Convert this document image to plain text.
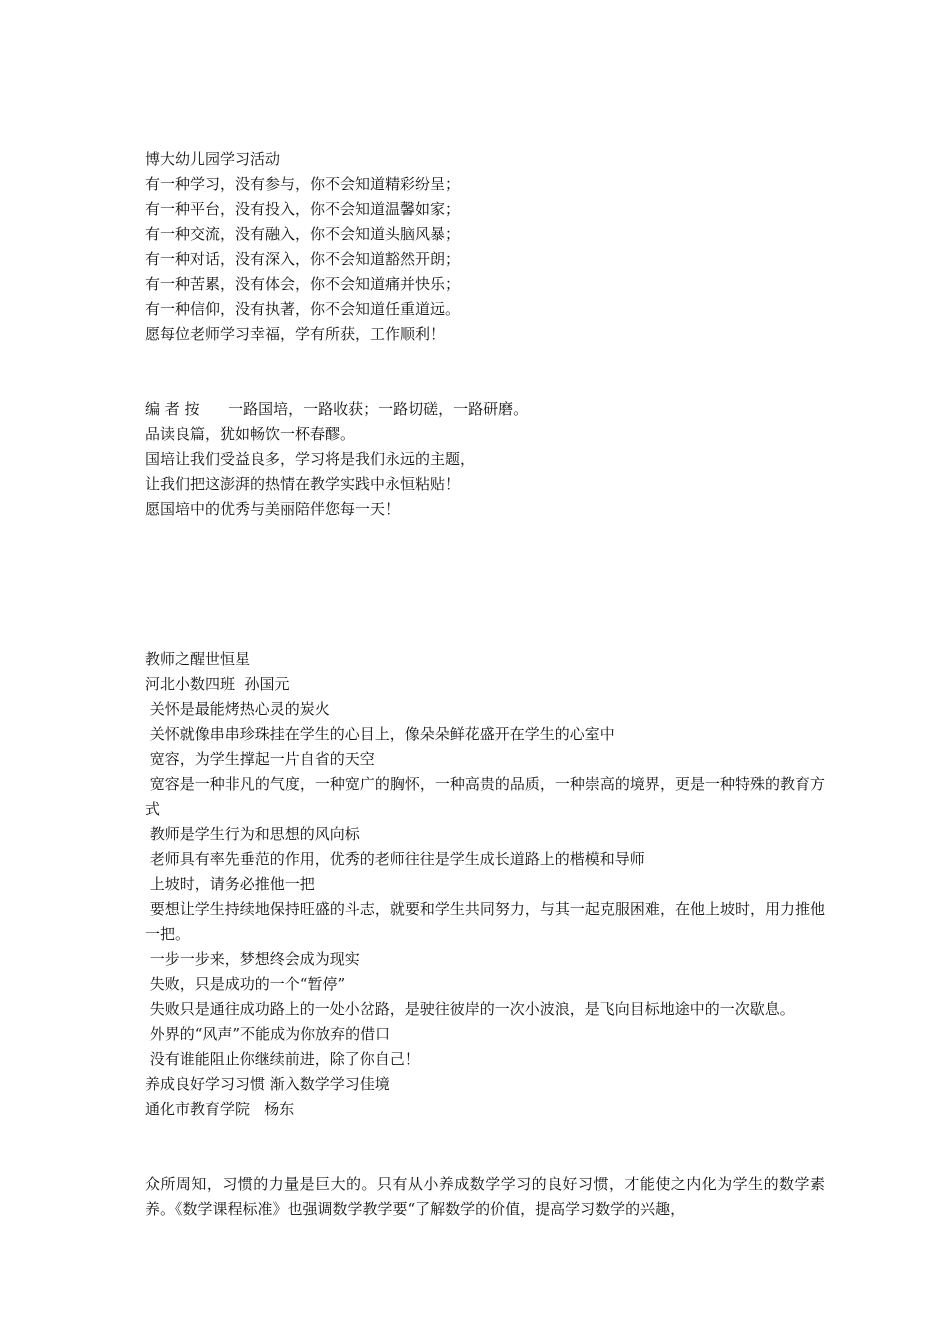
博大幼儿园学习活动
有一种学习，没有参与，你不会知道精彩纷呈；
有一种平台，没有投入，你不会知道温馨如家；
有一种交流，没有融入，你不会知道头脑风暴；
有一种对话，没有深入，你不会知道豁然开朗；
有一种苦累，没有体会，你不会知道痛并快乐；
有一种信仰，没有执著，你不会知道任重道远。
愿每位老师学习幸福，学有所获，工作顺利！
编 者 按      一路国培，一路收获；一路切磋，一路研磨。
品读良篇，犹如畅饮一杯春醪。
国培让我们受益良多，学习将是我们永远的主题，
让我们把这澎湃的热情在教学实践中永恒粘贴！
愿国培中的优秀与美丽陪伴您每一天！
教师之醒世恒星
河北小数四班  孙国元
关怀是最能烤热心灵的炭火
关怀就像串串珍珠挂在学生的心目上，像朵朵鲜花盛开在学生的心室中
宽容，为学生撑起一片自省的天空
宽容是一种非凡的气度，一种宽广的胸怀，一种高贵的品质，一种崇高的境界，更是一种特殊的教育方式
教师是学生行为和思想的风向标
老师具有率先垂范的作用，优秀的老师往往是学生成长道路上的楷模和导师
上坡时，请务必推他一把
要想让学生持续地保持旺盛的斗志，就要和学生共同努力，与其一起克服困难，在他上坡时，用力推他一把。
一步一步来，梦想终会成为现实
失败，只是成功的一个“暂停”
失败只是通往成功路上的一处小岔路，是驶往彼岸的一次小波浪，是飞向目标地途中的一次歇息。
外界的“风声”不能成为你放弃的借口
没有谁能阻止你继续前进，除了你自己！
养成良好学习习惯 渐入数学学习佳境
通化市教育学院   杨东
众所周知，习惯的力量是巨大的。只有从小养成数学学习的良好习惯，才能使之内化为学生的数学素养。《数学课程标准》也强调数学教学要“了解数学的价值，提高学习数学的兴趣，
